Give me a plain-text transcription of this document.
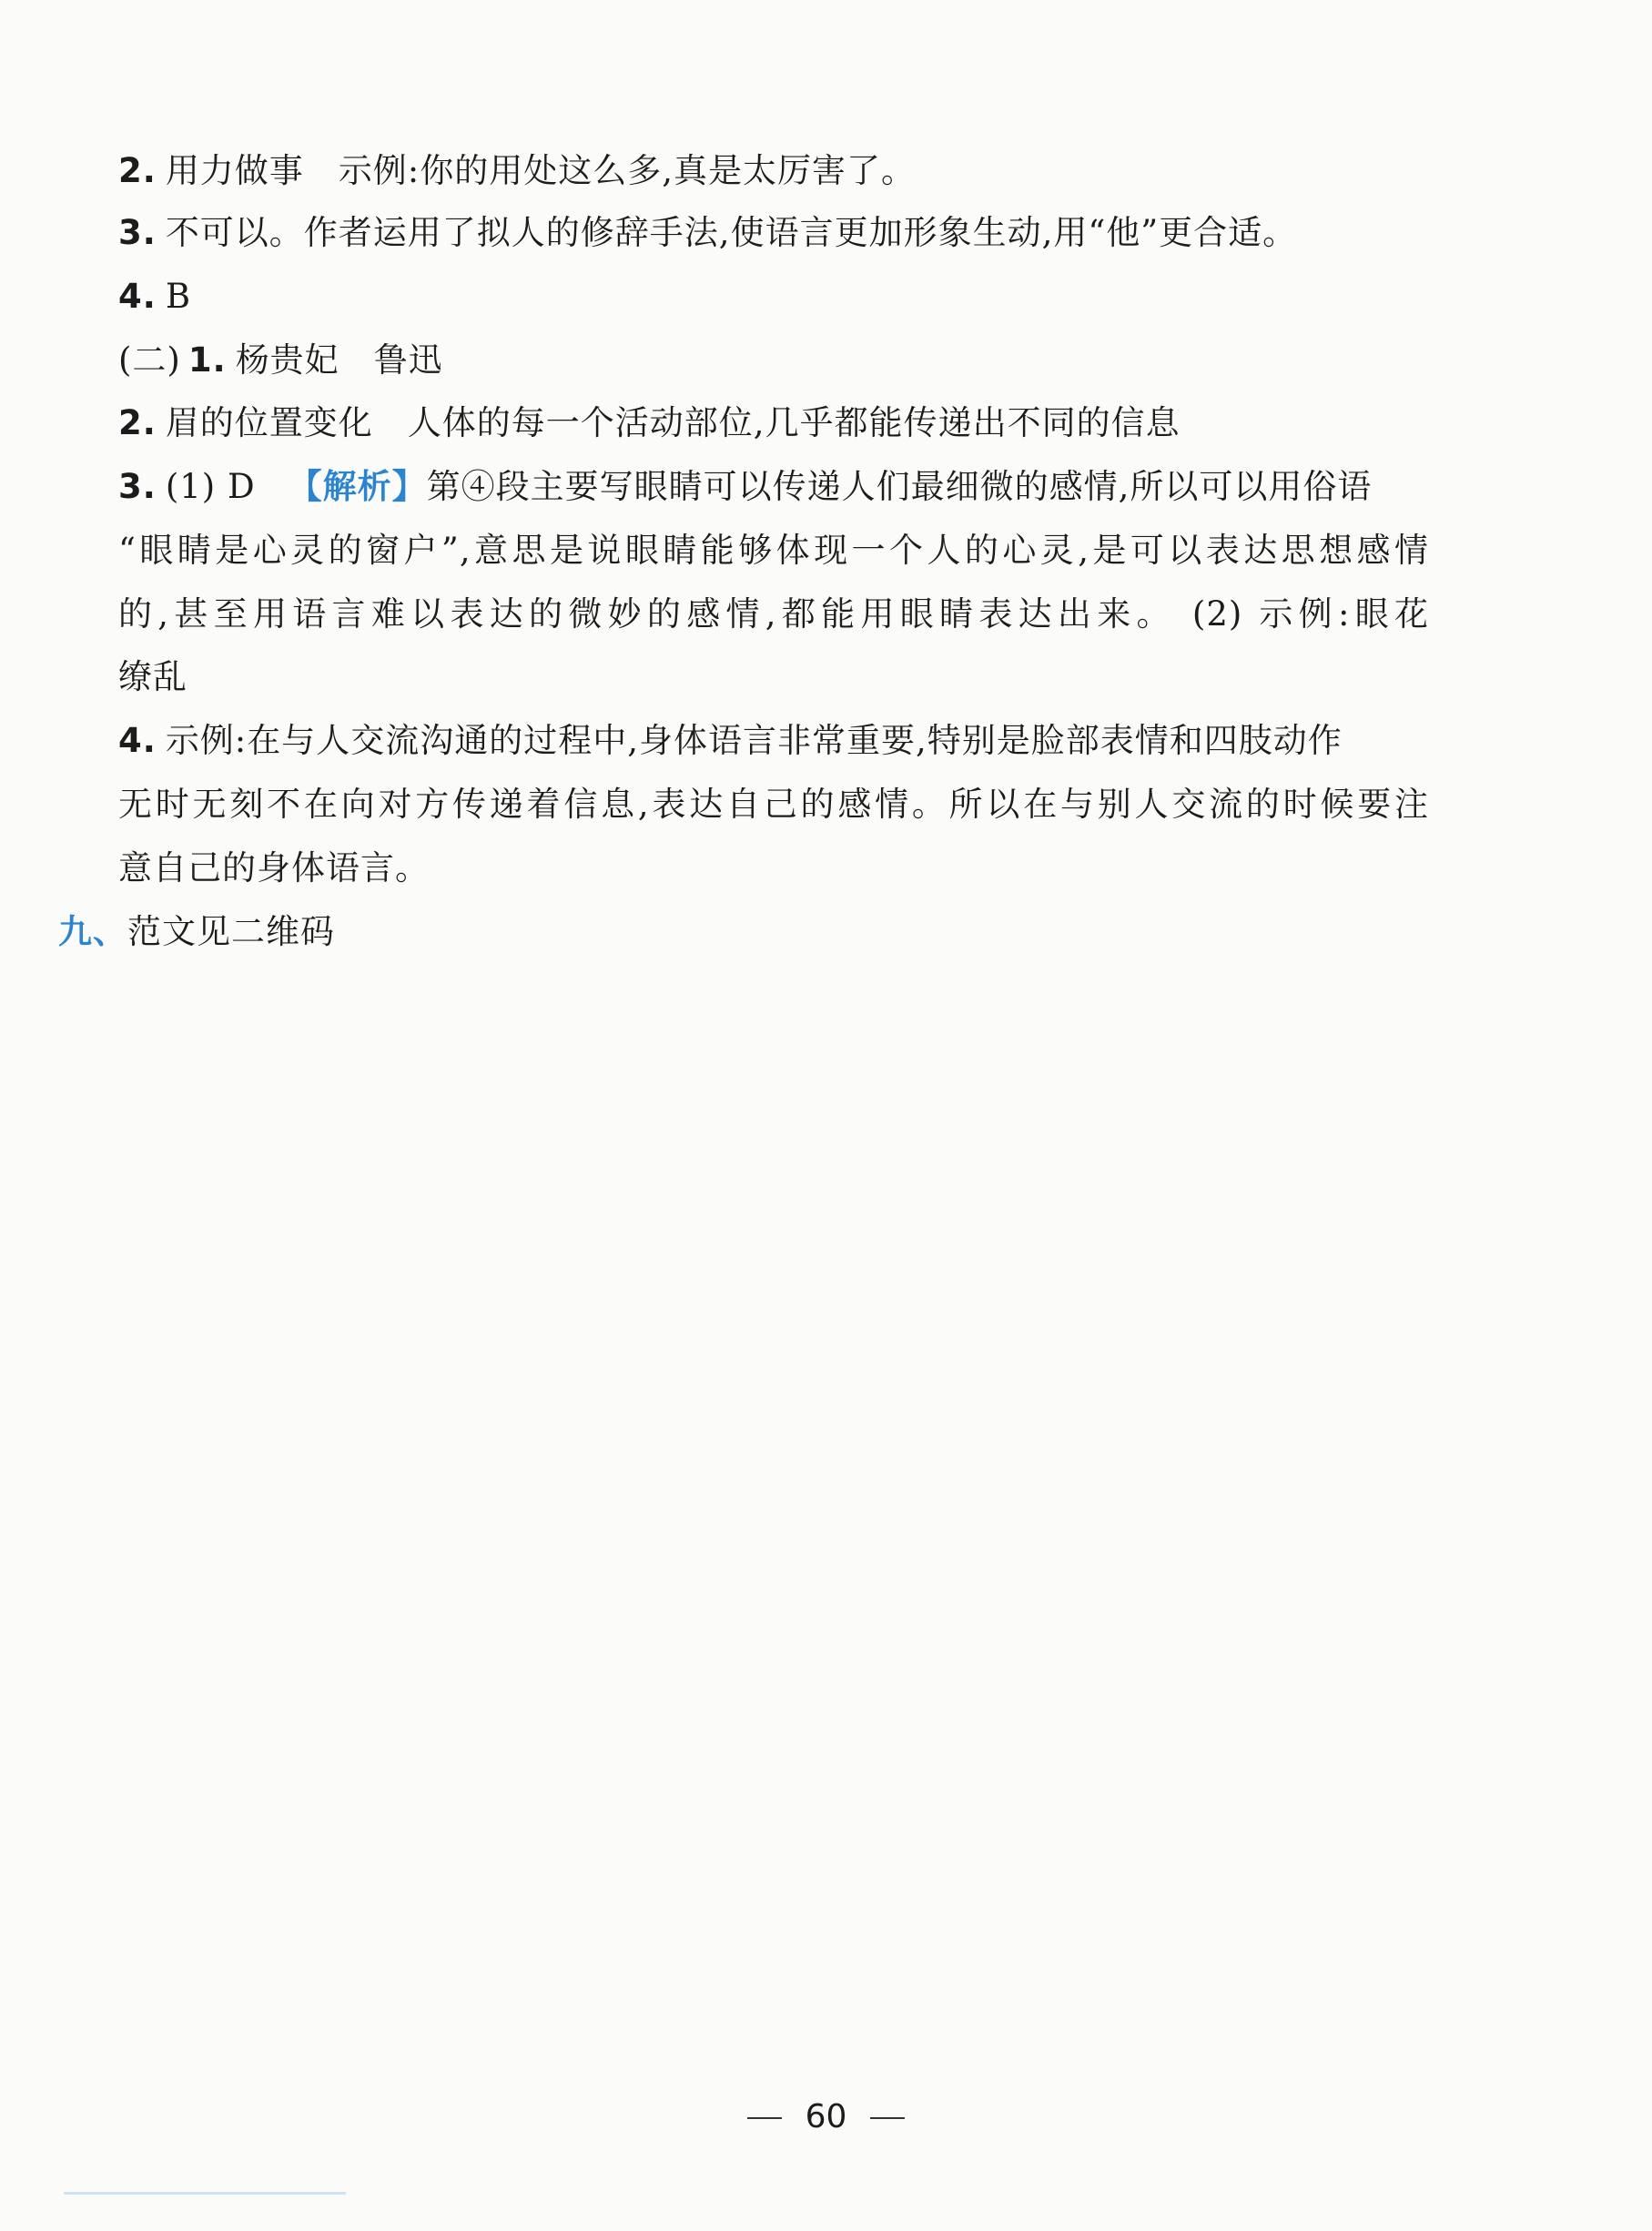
2. 用力做事 示例:你的用处这么多,真是太厉害了。
3. 不可以。作者运用了拟人的修辞手法,使语言更加形象生动,用“他”更合适。
4. B
(二) 1. 杨贵妃 鲁迅
2. 眉的位置变化 人体的每一个活动部位,几乎都能传递出不同的信息
3. (1) D 【解析】第④段主要写眼睛可以传递人们最细微的感情,所以可以用俗语
“眼睛是心灵的窗户”,意思是说眼睛能够体现一个人的心灵,是可以表达思想感情
的,甚至用语言难以表达的微妙的感情,都能用眼睛表达出来。 (2) 示例:眼花
缭乱
4. 示例:在与人交流沟通的过程中,身体语言非常重要,特别是脸部表情和四肢动作
无时无刻不在向对方传递着信息,表达自己的感情。所以在与别人交流的时候要注
意自己的身体语言。
九、范文见二维码
60
